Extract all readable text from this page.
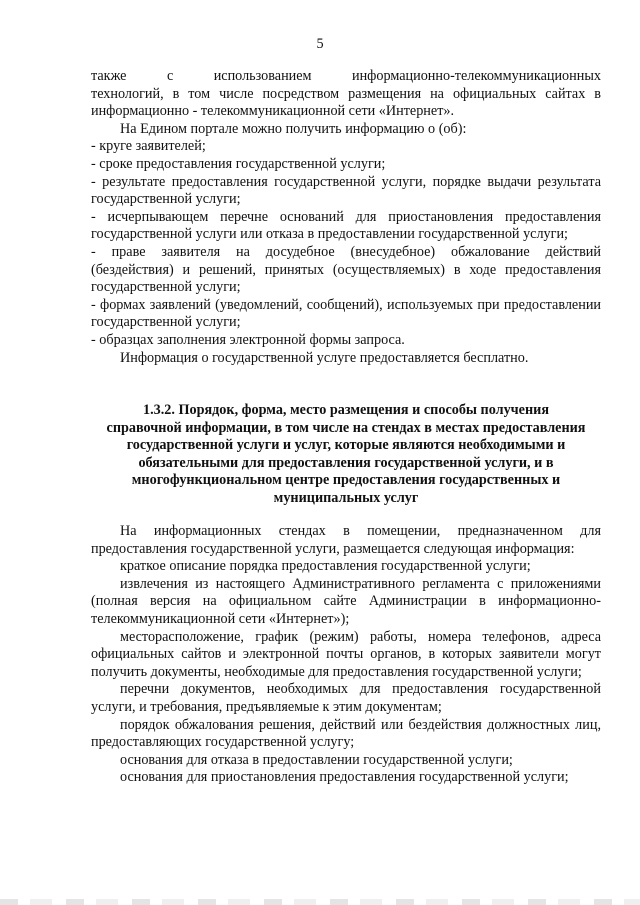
5
также	с	использованием	информационно-телекоммуникационных

технологий, в том числе посредством размещения на официальных сайтах в информационно - телекоммуникационной сети «Интернет».

На Едином портале можно получить информацию о (об):

- круге заявителей;

- сроке предоставления государственной услуги;

- результате предоставления государственной услуги, порядке выдачи результата государственной услуги;

- исчерпывающем перечне оснований для приостановления предоставления государственной услуги или отказа в предоставлении государственной услуги;

- праве заявителя на досудебное (внесудебное) обжалование действий (бездействия) и решений, принятых (осуществляемых) в ходе предоставления государственной услуги;

- формах заявлений (уведомлений, сообщений), используемых при предоставлении государственной услуги;

- образцах заполнения электронной формы запроса.

Информация о государственной услуге предоставляется бесплатно.

1.3.2. Порядок, форма, место размещения и способы получения справочной информации, в том числе на стендах в местах предоставления государственной услуги и услуг, которые являются необходимыми и обязательными для предоставления государственной услуги, и в многофункциональном центре предоставления государственных и муниципальных услуг

На информационных стендах в помещении, предназначенном для предоставления государственной услуги, размещается следующая информация:

краткое описание порядка предоставления государственной услуги;

извлечения из настоящего Административного регламента с приложениями (полная версия на официальном сайте Администрации в информационно-телекоммуникационной сети «Интернет»);

месторасположение, график (режим) работы, номера телефонов, адреса официальных сайтов и электронной почты органов, в которых заявители могут получить документы, необходимые для предоставления государственной услуги;

перечни документов, необходимых для предоставления государственной услуги, и требования, предъявляемые к этим документам;

порядок обжалования решения, действий или бездействия должностных лиц, предоставляющих государственной услугу;

основания для отказа в предоставлении государственной услуги;

основания для приостановления предоставления государственной услуги;
